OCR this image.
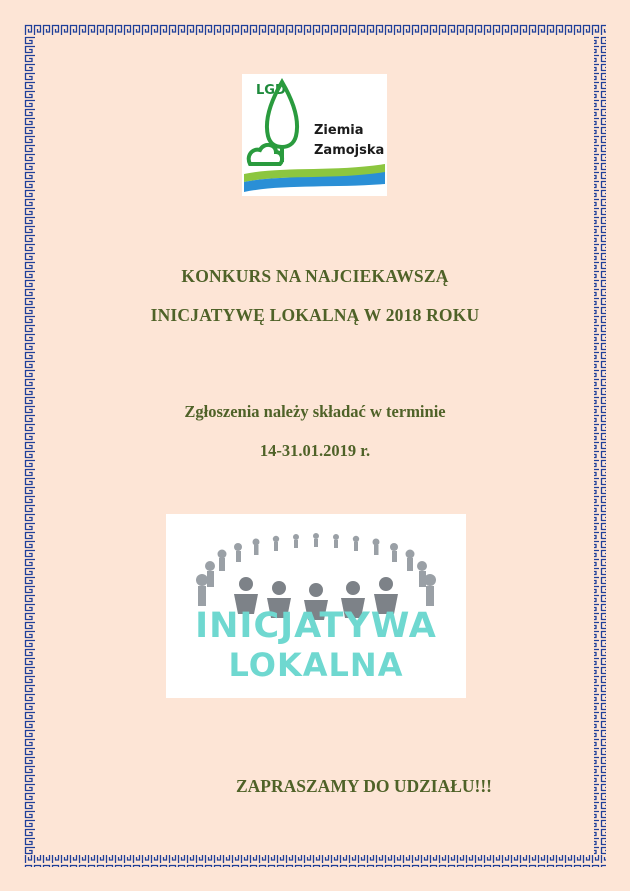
LGD
Ziemia
Zamojska
KONKURS NA NAJCIEKAWSZĄ
INICJATYWĘ LOKALNĄ W 2018 ROKU
Zgłoszenia należy składać w terminie
14-31.01.2019 r.
INICJATYWA
LOKALNA
ZAPRASZAMY DO UDZIAŁU!!!
